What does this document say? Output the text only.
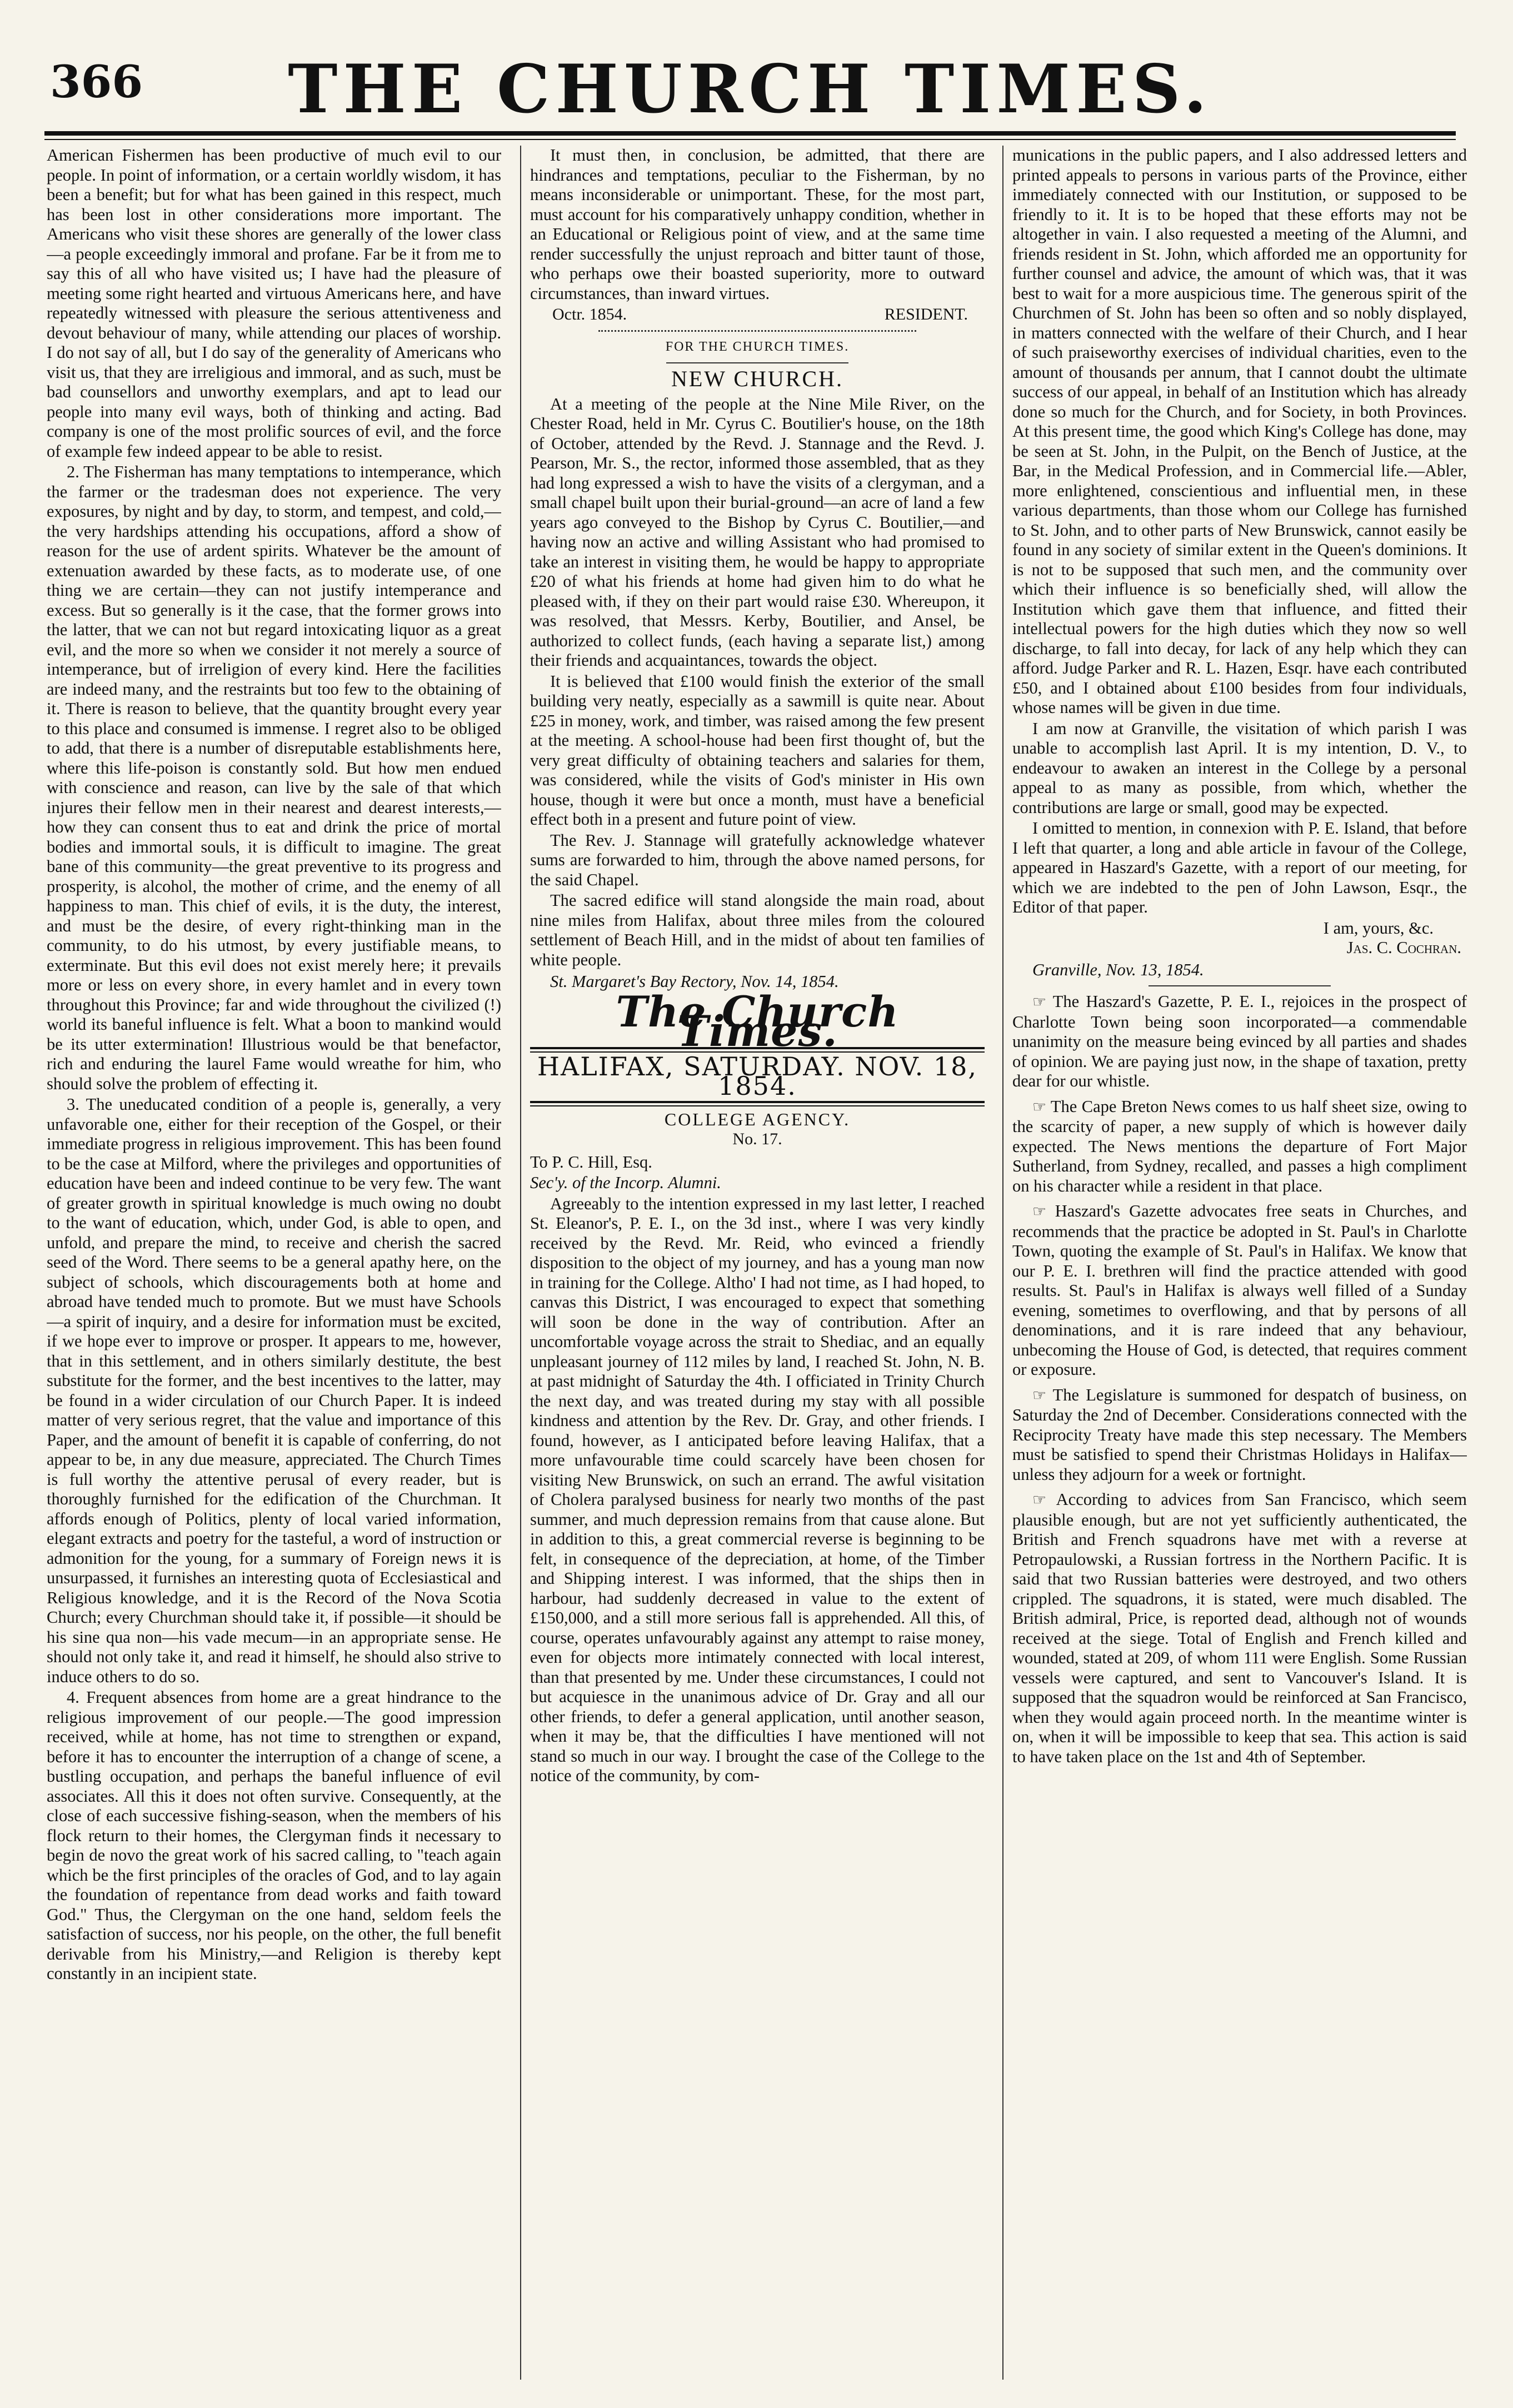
366	THE CHURCH TIMES.

American Fishermen has been productive of much evil to our people. In point of information, or a certain worldly wisdom, it has been a benefit; but for what has been gained in this respect, much has been lost in other considerations more important. The Americans who visit these shores are generally of the lower class—a people exceedingly immoral and profane. Far be it from me to say this of all who have visited us; I have had the pleasure of meeting some right hearted and virtuous Americans here, and have repeatedly witnessed with pleasure the serious attentiveness and devout behaviour of many, while attending our places of worship. I do not say of all, but I do say of the generality of Americans who visit us, that they are irreligious and immoral, and as such, must be bad counsellors and unworthy exemplars, and apt to lead our people into many evil ways, both of thinking and acting. Bad company is one of the most prolific sources of evil, and the force of example few indeed appear to be able to resist.

2. The Fisherman has many temptations to intemperance, which the farmer or the tradesman does not experience. The very exposures, by night and by day, to storm, and tempest, and cold,—the very hardships attending his occupations, afford a show of reason for the use of ardent spirits. Whatever be the amount of extenuation awarded by these facts, as to moderate use, of one thing we are certain—they can not justify intemperance and excess. But so generally is it the case, that the former grows into the latter, that we can not but regard intoxicating liquor as a great evil, and the more so when we consider it not merely a source of intemperance, but of irreligion of every kind. Here the facilities are indeed many, and the restraints but too few to the obtaining of it. There is reason to believe, that the quantity brought every year to this place and consumed is immense. I regret also to be obliged to add, that there is a number of disreputable establishments here, where this life-poison is constantly sold. But how men endued with conscience and reason, can live by the sale of that which injures their fellow men in their nearest and dearest interests,—how they can consent thus to eat and drink the price of mortal bodies and immortal souls, it is difficult to imagine. The great bane of this community—the great preventive to its progress and prosperity, is alcohol, the mother of crime, and the enemy of all happiness to man. This chief of evils, it is the duty, the interest, and must be the desire, of every right-thinking man in the community, to do his utmost, by every justifiable means, to exterminate. But this evil does not exist merely here; it prevails more or less on every shore, in every hamlet and in every town throughout this Province; far and wide throughout the civilized (!) world its baneful influence is felt. What a boon to mankind would be its utter extermination! Illustrious would be that benefactor, rich and enduring the laurel Fame would wreathe for him, who should solve the problem of effecting it.

3. The uneducated condition of a people is, generally, a very unfavorable one, either for their reception of the Gospel, or their immediate progress in religious improvement. This has been found to be the case at Milford, where the privileges and opportunities of education have been and indeed continue to be very few. The want of greater growth in spiritual knowledge is much owing no doubt to the want of education, which, under God, is able to open, and unfold, and prepare the mind, to receive and cherish the sacred seed of the Word. There seems to be a general apathy here, on the subject of schools, which discouragements both at home and abroad have tended much to promote. But we must have Schools—a spirit of inquiry, and a desire for information must be excited, if we hope ever to improve or prosper. It appears to me, however, that in this settlement, and in others similarly destitute, the best substitute for the former, and the best incentives to the latter, may be found in a wider circulation of our Church Paper. It is indeed matter of very serious regret, that the value and importance of this Paper, and the amount of benefit it is capable of conferring, do not appear to be, in any due measure, appreciated. The Church Times is full worthy the attentive perusal of every reader, but is thoroughly furnished for the edification of the Churchman. It affords enough of Politics, plenty of local varied information, elegant extracts and poetry for the tasteful, a word of instruction or admonition for the young, for a summary of Foreign news it is unsurpassed, it furnishes an interesting quota of Ecclesiastical and Religious knowledge, and it is the Record of the Nova Scotia Church; every Churchman should take it, if possible—it should be his sine qua non—his vade mecum—in an appropriate sense. He should not only take it, and read it himself, he should also strive to induce others to do so.

4. Frequent absences from home are a great hindrance to the religious improvement of our people.—The good impression received, while at home, has not time to strengthen or expand, before it has to encounter the interruption of a change of scene, a bustling occupation, and perhaps the baneful influence of evil associates. All this it does not often survive. Consequently, at the close of each successive fishing-season, when the members of his flock return to their homes, the Clergyman finds it necessary to begin de novo the great work of his sacred calling, to "teach again which be the first principles of the oracles of God, and to lay again the foundation of repentance from dead works and faith toward God." Thus, the Clergyman on the one hand, seldom feels the satisfaction of success, nor his people, on the other, the full benefit derivable from his Ministry,—and Religion is thereby kept constantly in an incipient state.

It must then, in conclusion, be admitted, that there are hindrances and temptations, peculiar to the Fisherman, by no means inconsiderable or unimportant. These, for the most part, must account for his comparatively unhappy condition, whether in an Educational or Religious point of view, and at the same time render successfully the unjust reproach and bitter taunt of those, who perhaps owe their boasted superiority, more to outward circumstances, than inward virtues.

Octr. 1854.	RESIDENT.
FOR THE CHURCH TIMES.
NEW CHURCH.

At a meeting of the people at the Nine Mile River, on the Chester Road, held in Mr. Cyrus C. Boutilier's house, on the 18th of October, attended by the Revd. J. Stannage and the Revd. J. Pearson, Mr. S., the rector, informed those assembled, that as they had long expressed a wish to have the visits of a clergyman, and a small chapel built upon their burial-ground—an acre of land a few years ago conveyed to the Bishop by Cyrus C. Boutilier,—and having now an active and willing Assistant who had promised to take an interest in visiting them, he would be happy to appropriate £20 of what his friends at home had given him to do what he pleased with, if they on their part would raise £30. Whereupon, it was resolved, that Messrs. Kerby, Boutilier, and Ansel, be authorized to collect funds, (each having a separate list,) among their friends and acquaintances, towards the object.

It is believed that £100 would finish the exterior of the small building very neatly, especially as a sawmill is quite near. About £25 in money, work, and timber, was raised among the few present at the meeting. A school-house had been first thought of, but the very great difficulty of obtaining teachers and salaries for them, was considered, while the visits of God's minister in His own house, though it were but once a month, must have a beneficial effect both in a present and future point of view.

The Rev. J. Stannage will gratefully acknowledge whatever sums are forwarded to him, through the above named persons, for the said Chapel.

The sacred edifice will stand alongside the main road, about nine miles from Halifax, about three miles from the coloured settlement of Beach Hill, and in the midst of about ten families of white people.

St. Margaret's Bay Rectory, Nov. 14, 1854.
The Church Times.
HALIFAX, SATURDAY. NOV. 18, 1854.
COLLEGE AGENCY.
No. 17.

To P. C. Hill, Esq.

Sec'y. of the Incorp. Alumni.

Agreeably to the intention expressed in my last letter, I reached St. Eleanor's, P. E. I., on the 3d inst., where I was very kindly received by the Revd. Mr. Reid, who evinced a friendly disposition to the object of my journey, and has a young man now in training for the College. Altho' I had not time, as I had hoped, to canvas this District, I was encouraged to expect that something will soon be done in the way of contribution. After an uncomfortable voyage across the strait to Shediac, and an equally unpleasant journey of 112 miles by land, I reached St. John, N. B. at past midnight of Saturday the 4th. I officiated in Trinity Church the next day, and was treated during my stay with all possible kindness and attention by the Rev. Dr. Gray, and other friends. I found, however, as I anticipated before leaving Halifax, that a more unfavourable time could scarcely have been chosen for visiting New Brunswick, on such an errand. The awful visitation of Cholera paralysed business for nearly two months of the past summer, and much depression remains from that cause alone. But in addition to this, a great commercial reverse is beginning to be felt, in consequence of the depreciation, at home, of the Timber and Shipping interest. I was informed, that the ships then in harbour, had suddenly decreased in value to the extent of £150,000, and a still more serious fall is apprehended. All this, of course, operates unfavourably against any attempt to raise money, even for objects more intimately connected with local interest, than that presented by me. Under these circumstances, I could not but acquiesce in the unanimous advice of Dr. Gray and all our other friends, to defer a general application, until another season, when it may be, that the difficulties I have mentioned will not stand so much in our way. I brought the case of the College to the notice of the community, by com-

munications in the public papers, and I also addressed letters and printed appeals to persons in various parts of the Province, either immediately connected with our Institution, or supposed to be friendly to it. It is to be hoped that these efforts may not be altogether in vain. I also requested a meeting of the Alumni, and friends resident in St. John, which afforded me an opportunity for further counsel and advice, the amount of which was, that it was best to wait for a more auspicious time. The generous spirit of the Churchmen of St. John has been so often and so nobly displayed, in matters connected with the welfare of their Church, and I hear of such praiseworthy exercises of individual charities, even to the amount of thousands per annum, that I cannot doubt the ultimate success of our appeal, in behalf of an Institution which has already done so much for the Church, and for Society, in both Provinces. At this present time, the good which King's College has done, may be seen at St. John, in the Pulpit, on the Bench of Justice, at the Bar, in the Medical Profession, and in Commercial life.—Abler, more enlightened, conscientious and influential men, in these various departments, than those whom our College has furnished to St. John, and to other parts of New Brunswick, cannot easily be found in any society of similar extent in the Queen's dominions. It is not to be supposed that such men, and the community over which their influence is so beneficially shed, will allow the Institution which gave them that influence, and fitted their intellectual powers for the high duties which they now so well discharge, to fall into decay, for lack of any help which they can afford. Judge Parker and R. L. Hazen, Esqr. have each contributed £50, and I obtained about £100 besides from four individuals, whose names will be given in due time.

I am now at Granville, the visitation of which parish I was unable to accomplish last April. It is my intention, D. V., to endeavour to awaken an interest in the College by a personal appeal to as many as possible, from which, whether the contributions are large or small, good may be expected.

I omitted to mention, in connexion with P. E. Island, that before I left that quarter, a long and able article in favour of the College, appeared in Haszard's Gazette, with a report of our meeting, for which we are indebted to the pen of John Lawson, Esqr., the Editor of that paper.

I am, yours, &c.
Jas. C. Cochran.
Granville, Nov. 13, 1854.

☞ The Haszard's Gazette, P. E. I., rejoices in the prospect of Charlotte Town being soon incorporated—a commendable unanimity on the measure being evinced by all parties and shades of opinion. We are paying just now, in the shape of taxation, pretty dear for our whistle.

☞ The Cape Breton News comes to us half sheet size, owing to the scarcity of paper, a new supply of which is however daily expected. The News mentions the departure of Fort Major Sutherland, from Sydney, recalled, and passes a high compliment on his character while a resident in that place.

☞ Haszard's Gazette advocates free seats in Churches, and recommends that the practice be adopted in St. Paul's in Charlotte Town, quoting the example of St. Paul's in Halifax. We know that our P. E. I. brethren will find the practice attended with good results. St. Paul's in Halifax is always well filled of a Sunday evening, sometimes to overflowing, and that by persons of all denominations, and it is rare indeed that any behaviour, unbecoming the House of God, is detected, that requires comment or exposure.

☞ The Legislature is summoned for despatch of business, on Saturday the 2nd of December. Considerations connected with the Reciprocity Treaty have made this step necessary. The Members must be satisfied to spend their Christmas Holidays in Halifax—unless they adjourn for a week or fortnight.

☞ According to advices from San Francisco, which seem plausible enough, but are not yet sufficiently authenticated, the British and French squadrons have met with a reverse at Petropaulowski, a Russian fortress in the Northern Pacific. It is said that two Russian batteries were destroyed, and two others crippled. The squadrons, it is stated, were much disabled. The British admiral, Price, is reported dead, although not of wounds received at the siege. Total of English and French killed and wounded, stated at 209, of whom 111 were English. Some Russian vessels were captured, and sent to Vancouver's Island. It is supposed that the squadron would be reinforced at San Francisco, when they would again proceed north. In the meantime winter is on, when it will be impossible to keep that sea. This action is said to have taken place on the 1st and 4th of September.
